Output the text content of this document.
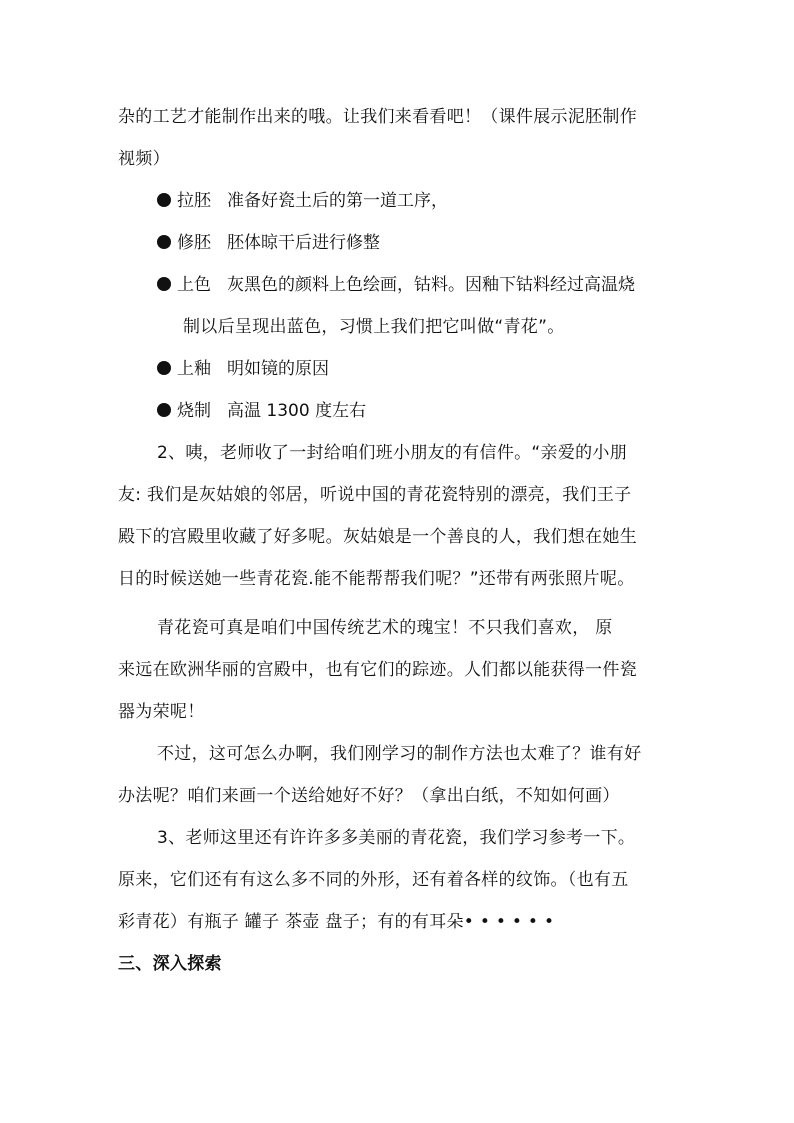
杂的工艺才能制作出来的哦。让我们来看看吧！（课件展示泥胚制作
视频）
拉胚 准备好瓷土后的第一道工序，
修胚 胚体晾干后进行修整
上色 灰黑色的颜料上色绘画，钴料。因釉下钴料经过高温烧
制以后呈现出蓝色，习惯上我们把它叫做“青花”。
上釉 明如镜的原因
烧制 高温 1300 度左右
2、咦，老师收了一封给咱们班小朋友的有信件。“亲爱的小朋
友: 我们是灰姑娘的邻居，听说中国的青花瓷特别的漂亮，我们王子
殿下的宫殿里收藏了好多呢。灰姑娘是一个善良的人，我们想在她生
日的时候送她一些青花瓷.能不能帮帮我们呢？”还带有两张照片呢。
青花瓷可真是咱们中国传统艺术的瑰宝！不只我们喜欢， 原
来远在欧洲华丽的宫殿中，也有它们的踪迹。人们都以能获得一件瓷
器为荣呢！
不过，这可怎么办啊，我们刚学习的制作方法也太难了？谁有好
办法呢？咱们来画一个送给她好不好？（拿出白纸，不知如何画）
3、老师这里还有许许多多美丽的青花瓷，我们学习参考一下。
原来，它们还有有这么多不同的外形，还有着各样的纹饰。（也有五
彩青花）有瓶子 罐子 茶壶 盘子；有的有耳朵• • • • • •
三、深入探索
